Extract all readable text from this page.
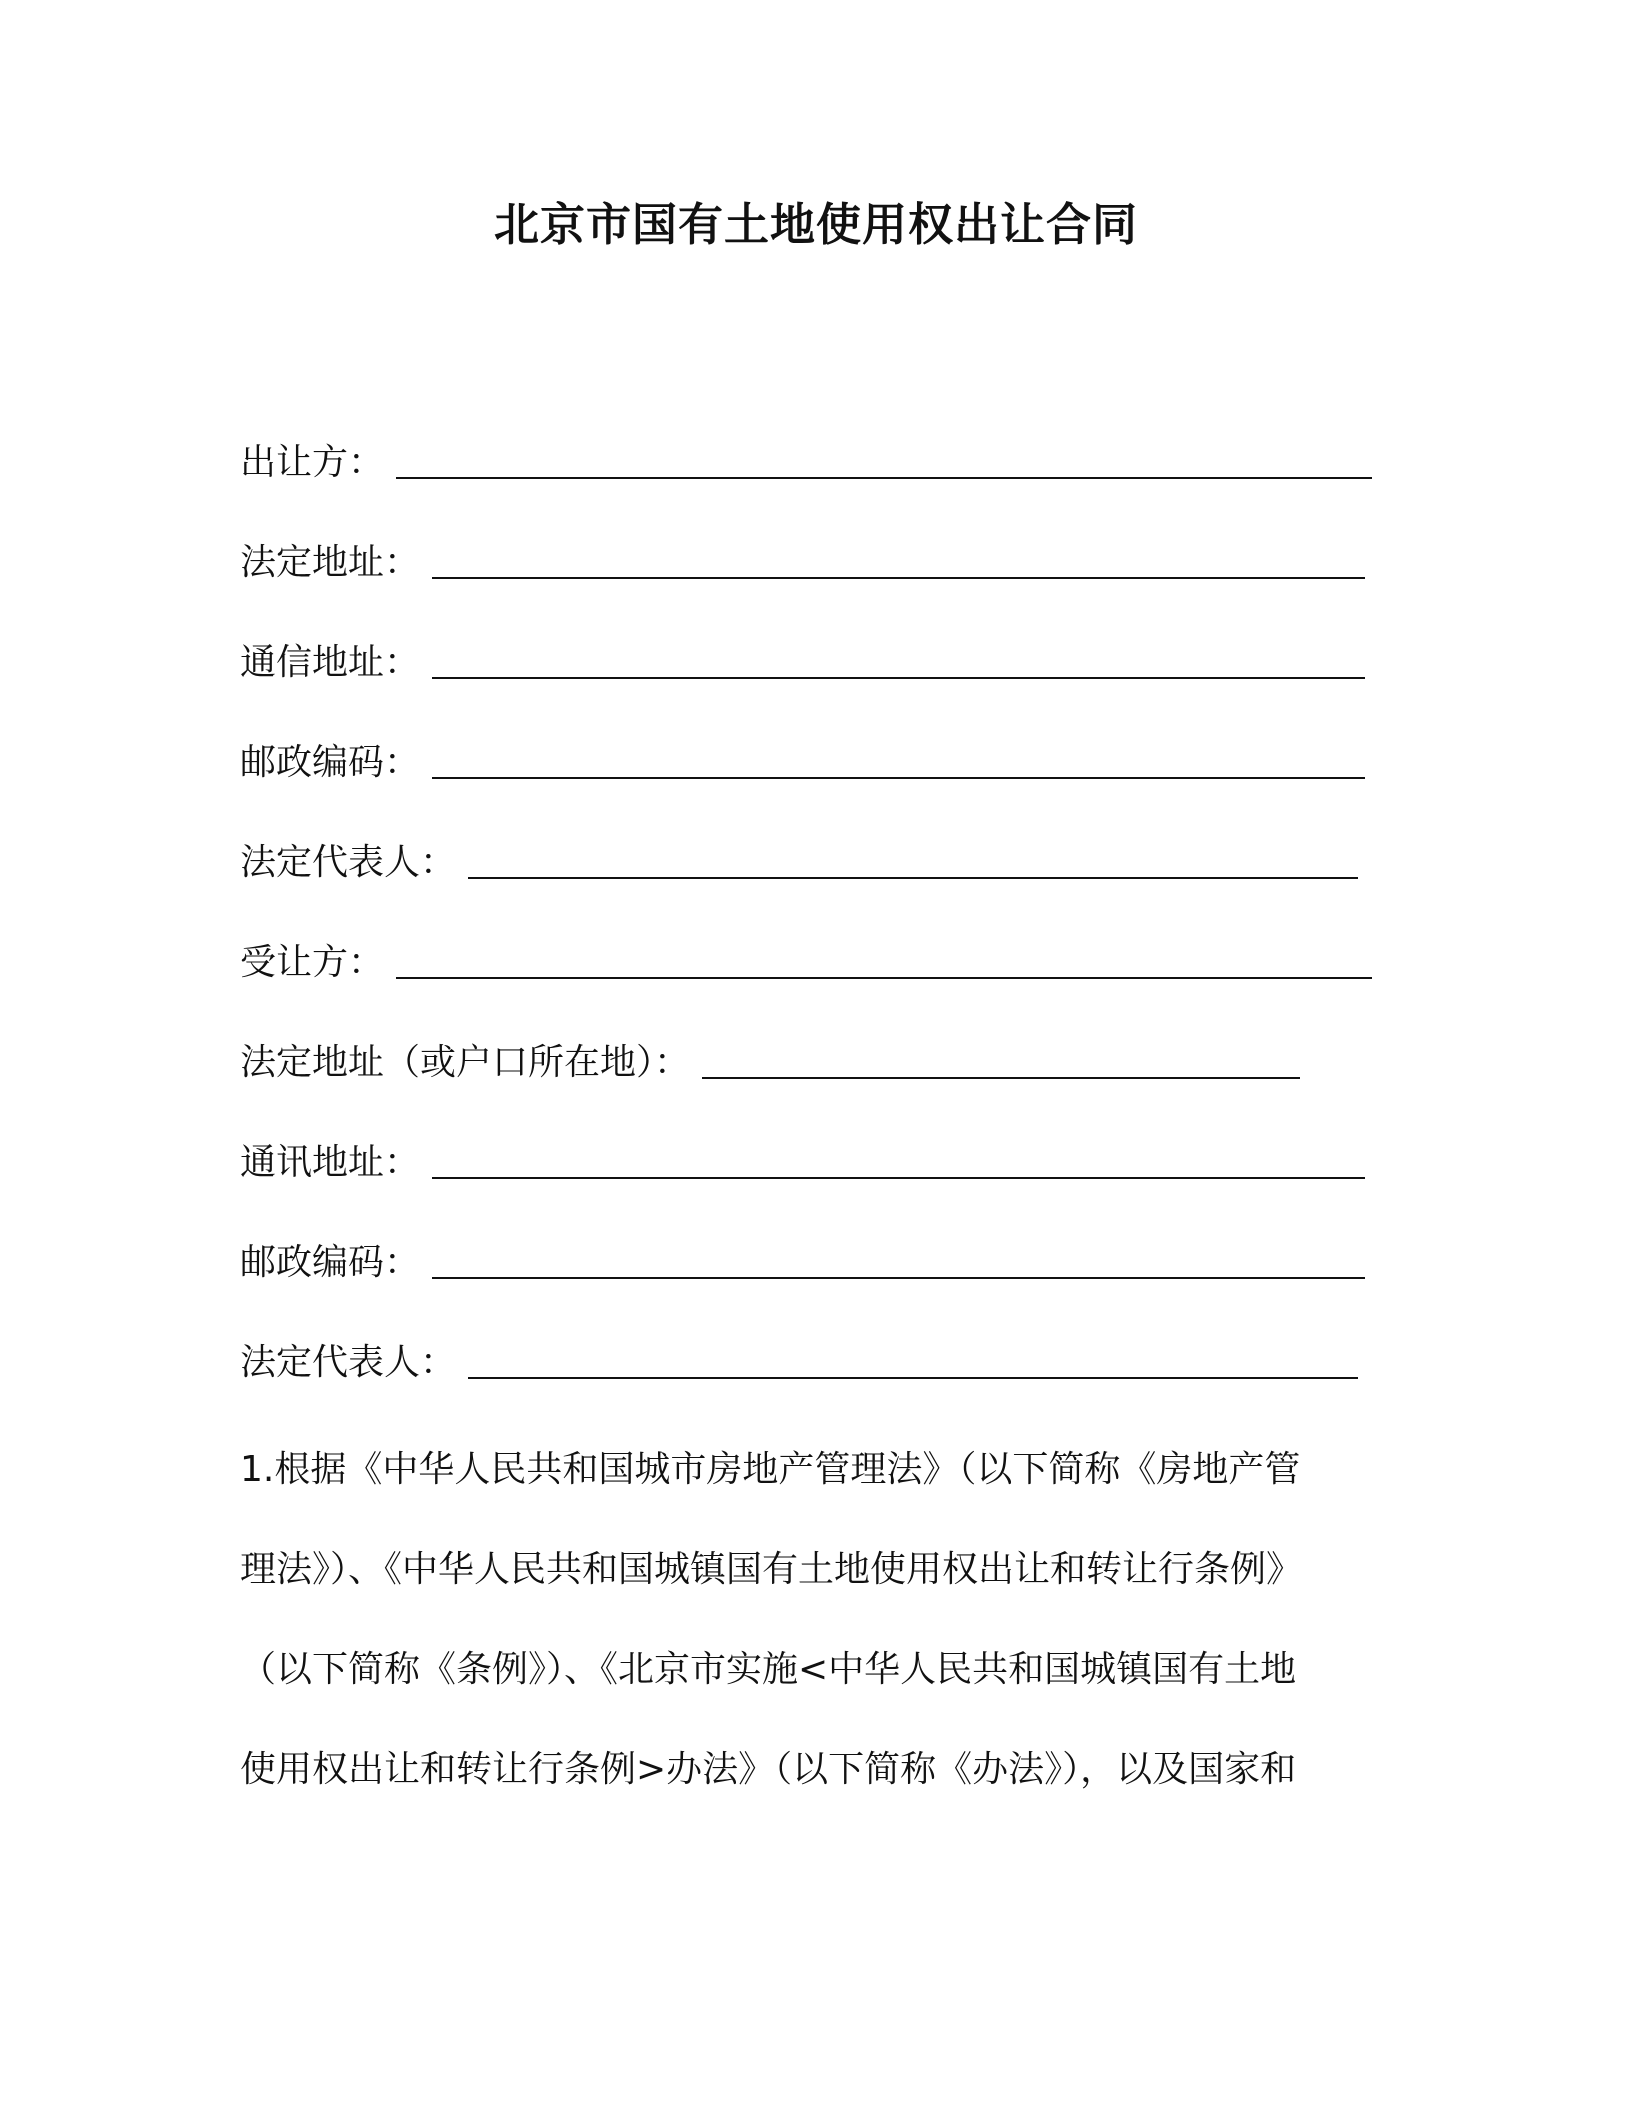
北京市国有土地使用权出让合同
出让方：
法定地址：
通信地址：
邮政编码：
法定代表人：
受让方：
法定地址（或户口所在地）：
通讯地址：
邮政编码：
法定代表人：
1.根据《中华人民共和国城市房地产管理法》（以下简称《房地产管
理法》）、《中华人民共和国城镇国有土地使用权出让和转让行条例》
（以下简称《条例》）、《北京市实施<中华人民共和国城镇国有土地
使用权出让和转让行条例>办法》（以下简称《办法》），以及国家和
